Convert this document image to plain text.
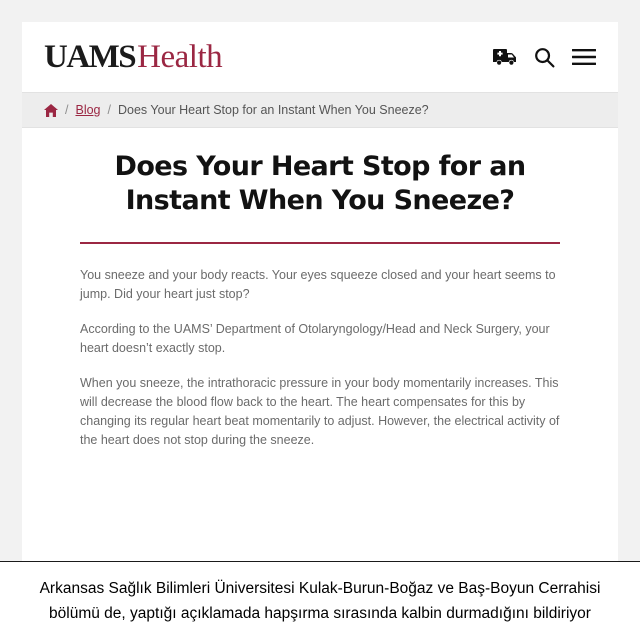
UAMS Health
/ Blog / Does Your Heart Stop for an Instant When You Sneeze?
Does Your Heart Stop for an Instant When You Sneeze?

You sneeze and your body reacts. Your eyes squeeze closed and your heart seems to jump. Did your heart just stop?

According to the UAMS’ Department of Otolaryngology/Head and Neck Surgery, your heart doesn’t exactly stop.

When you sneeze, the intrathoracic pressure in your body momentarily increases. This will decrease the blood flow back to the heart. The heart compensates for this by changing its regular heart beat momentarily to adjust. However, the electrical activity of the heart does not stop during the sneeze.

Arkansas Sağlık Bilimleri Üniversitesi Kulak-Burun-Boğaz ve Baş-Boyun Cerrahisi bölümü de, yaptığı açıklamada hapşırma sırasında kalbin durmadığını bildiriyor
